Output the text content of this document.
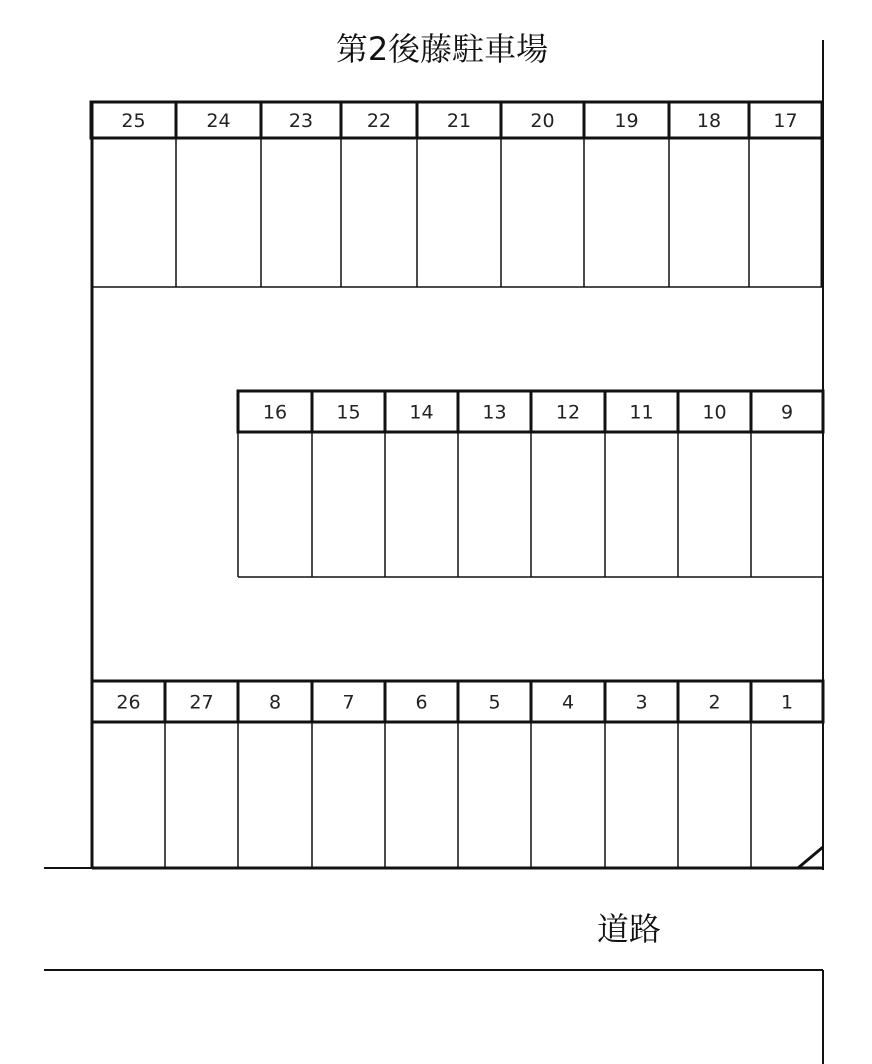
第2後藤駐車場
道路
25	24	23	22	21	20	19	18	17
16	15	14	13	12	11	10	9
26	27	8	7	6	5	4	3	2	1
